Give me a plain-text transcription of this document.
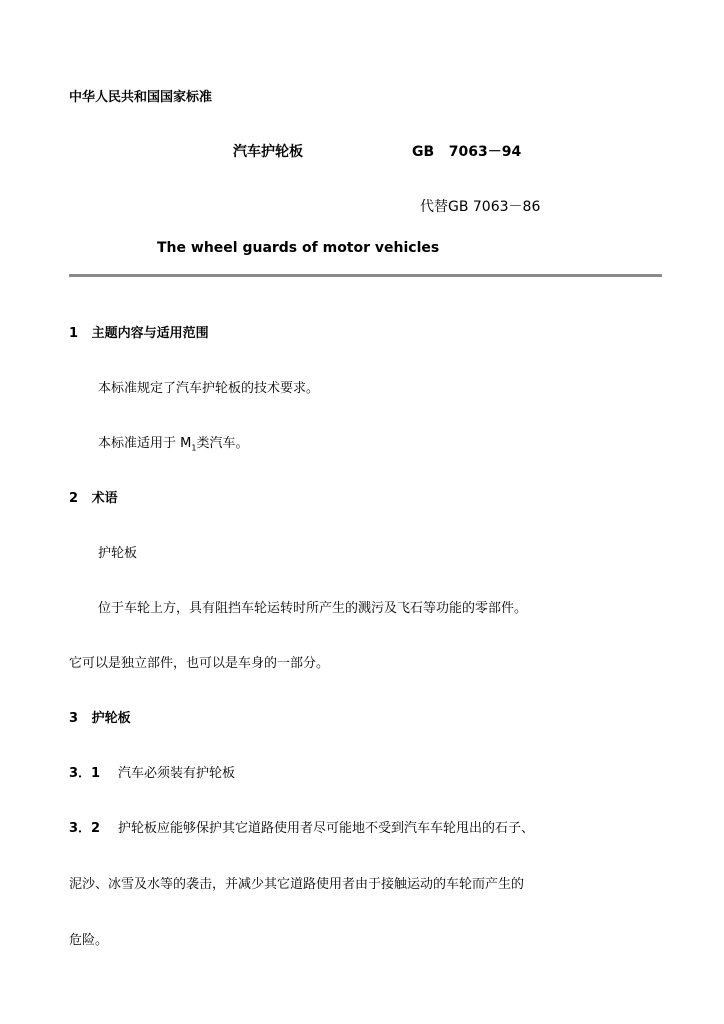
中华人民共和国国家标准
汽车护轮板	GB   7063－94
代替GB 7063－86
The wheel guards of motor vehicles
1   主题内容与适用范围
本标准规定了汽车护轮板的技术要求。
本标准适用于 $M_1$类汽车。
2   术语
护轮板
位于车轮上方，具有阻挡车轮运转时所产生的溅污及飞石等功能的零部件。
它可以是独立部件，也可以是车身的一部分。
3   护轮板
3．1 汽车必须装有护轮板
3．2 护轮板应能够保护其它道路使用者尽可能地不受到汽车车轮甩出的石子、
泥沙、冰雪及水等的袭击，并减少其它道路使用者由于接触运动的车轮而产生的
危险。
